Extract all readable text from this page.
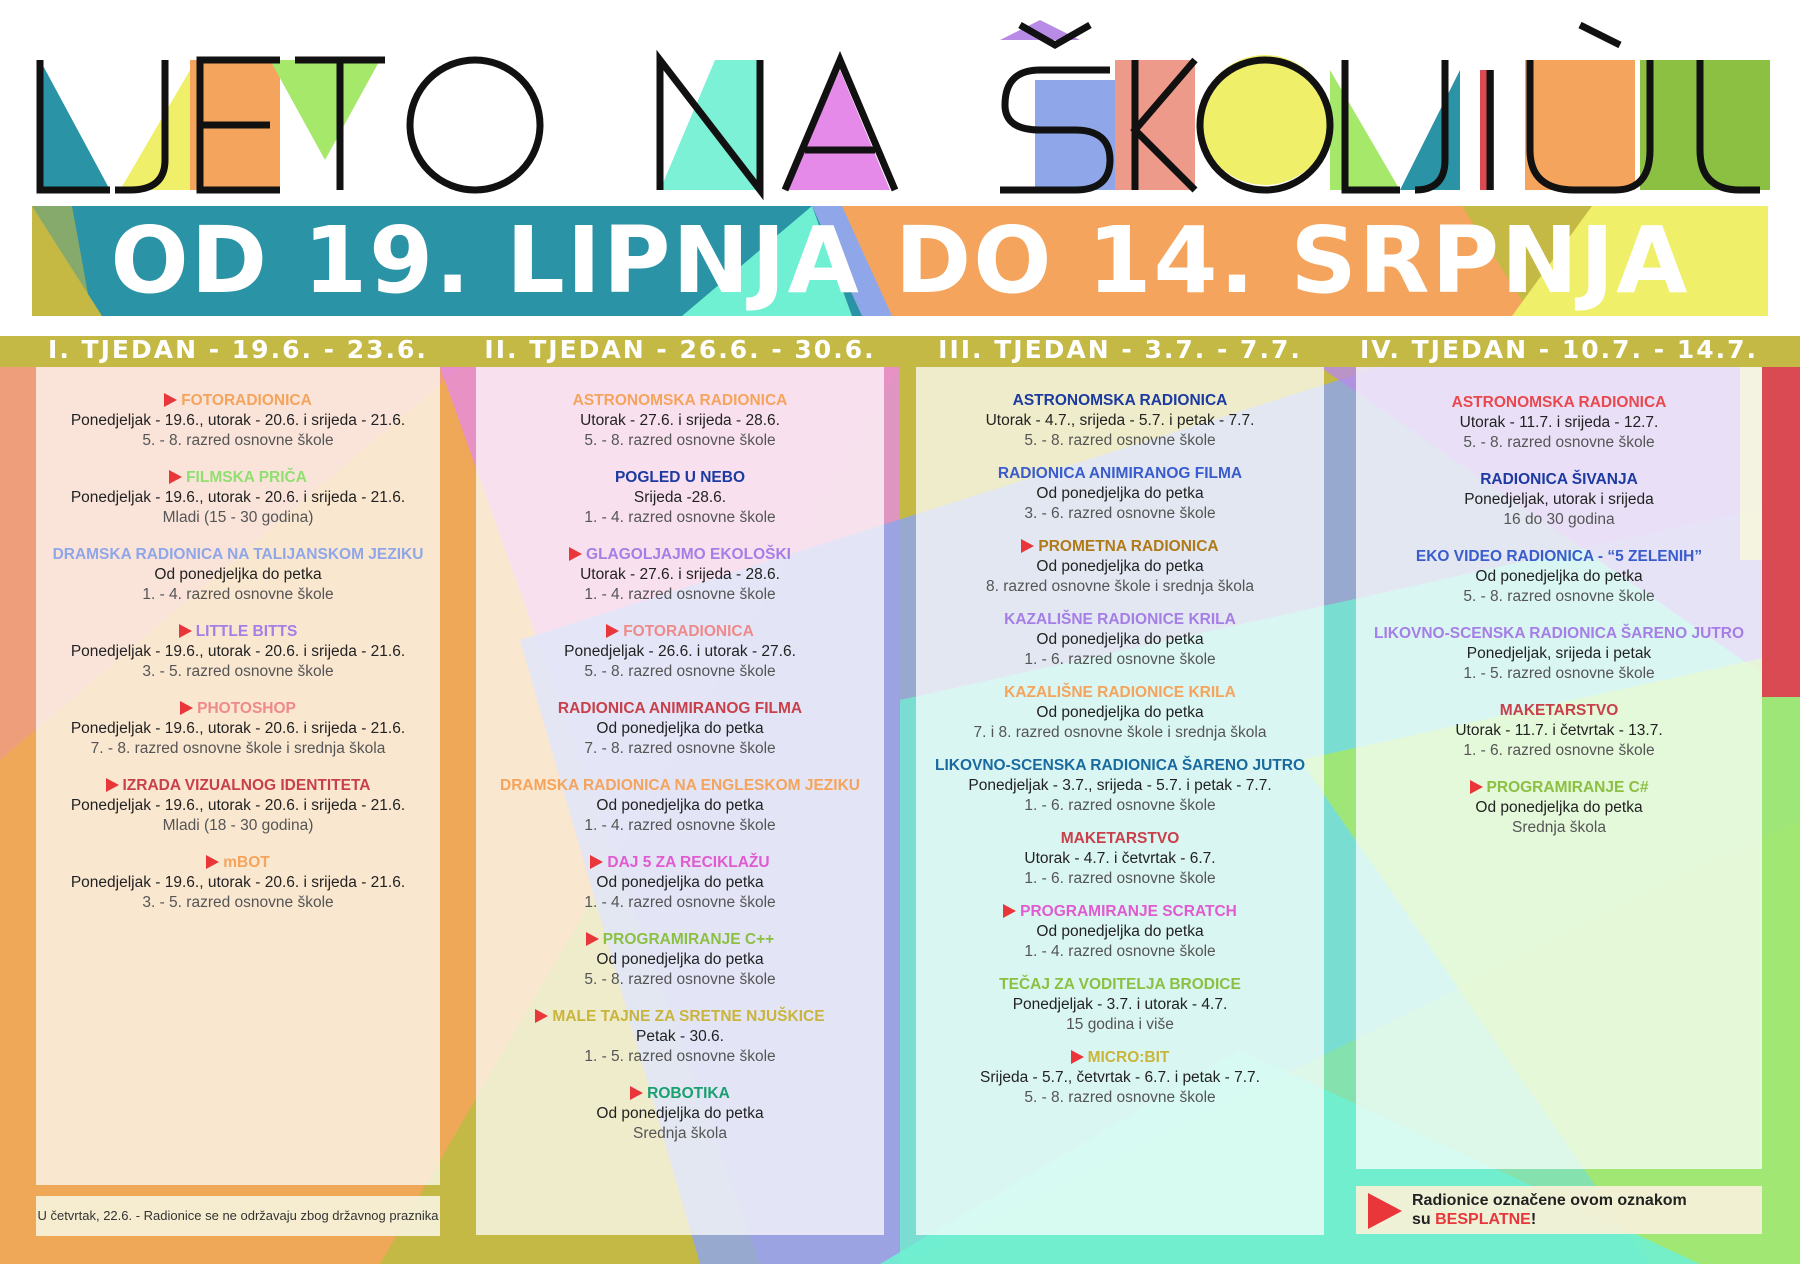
LJETO NA ŠKOLJIĆU
OD 19. LIPNJA DO 14. SRPNJA
I. TJEDAN - 19.6. - 23.6.	II. TJEDAN - 26.6. - 30.6.	III. TJEDAN - 3.7. - 7.7.	IV. TJEDAN - 10.7. - 14.7.
FOTORADIONICA
Ponedjeljak - 19.6., utorak - 20.6. i srijeda - 21.6.
5. - 8. razred osnovne škole
FILMSKA PRIČA
Ponedjeljak - 19.6., utorak - 20.6. i srijeda - 21.6.
Mladi (15 - 30 godina)
DRAMSKA RADIONICA NA TALIJANSKOM JEZIKU
Od ponedjeljka do petka
1. - 4. razred osnovne škole
LITTLE BITTS
Ponedjeljak - 19.6., utorak - 20.6. i srijeda - 21.6.
3. - 5. razred osnovne škole
PHOTOSHOP
Ponedjeljak - 19.6., utorak - 20.6. i srijeda - 21.6.
7. - 8. razred osnovne škole i srednja škola
IZRADA VIZUALNOG IDENTITETA
Ponedjeljak - 19.6., utorak - 20.6. i srijeda - 21.6.
Mladi (18 - 30 godina)
mBOT
Ponedjeljak - 19.6., utorak - 20.6. i srijeda - 21.6.
3. - 5. razred osnovne škole
ASTRONOMSKA RADIONICA
Utorak - 27.6. i srijeda - 28.6.
5. - 8. razred osnovne škole
POGLED U NEBO
Srijeda -28.6.
1. - 4. razred osnovne škole
GLAGOLJAJMO EKOLOŠKI
Utorak - 27.6. i srijeda - 28.6.
1. - 4. razred osnovne škole
FOTORADIONICA
Ponedjeljak - 26.6. i utorak - 27.6.
5. - 8. razred osnovne škole
RADIONICA ANIMIRANOG FILMA
Od ponedjeljka do petka
7. - 8. razred osnovne škole
DRAMSKA RADIONICA NA ENGLESKOM JEZIKU
Od ponedjeljka do petka
1. - 4. razred osnovne škole
DAJ 5 ZA RECIKLAŽU
Od ponedjeljka do petka
1. - 4. razred osnovne škole
PROGRAMIRANJE C++
Od ponedjeljka do petka
5. - 8. razred osnovne škole
MALE TAJNE ZA SRETNE NJUŠKICE
Petak - 30.6.
1. - 5. razred osnovne škole
ROBOTIKA
Od ponedjeljka do petka
Srednja škola
ASTRONOMSKA RADIONICA
Utorak - 4.7., srijeda - 5.7. i petak - 7.7.
5. - 8. razred osnovne škole
RADIONICA ANIMIRANOG FILMA
Od ponedjeljka do petka
3. - 6. razred osnovne škole
PROMETNA RADIONICA
Od ponedjeljka do petka
8. razred osnovne škole i srednja škola
KAZALIŠNE RADIONICE KRILA
Od ponedjeljka do petka
1. - 6. razred osnovne škole
KAZALIŠNE RADIONICE KRILA
Od ponedjeljka do petka
7. i 8. razred osnovne škole i srednja škola
LIKOVNO-SCENSKA RADIONICA ŠARENO JUTRO
Ponedjeljak - 3.7., srijeda - 5.7. i petak - 7.7.
1. - 6. razred osnovne škole
MAKETARSTVO
Utorak - 4.7. i četvrtak - 6.7.
1. - 6. razred osnovne škole
PROGRAMIRANJE SCRATCH
Od ponedjeljka do petka
1. - 4. razred osnovne škole
TEČAJ ZA VODITELJA BRODICE
Ponedjeljak - 3.7. i utorak - 4.7.
15 godina i više
MICRO:BIT
Srijeda - 5.7., četvrtak - 6.7. i petak - 7.7.
5. - 8. razred osnovne škole
ASTRONOMSKA RADIONICA
Utorak - 11.7. i srijeda - 12.7.
5. - 8. razred osnovne škole
RADIONICA ŠIVANJA
Ponedjeljak, utorak i srijeda
16 do 30 godina
EKO VIDEO RADIONICA - “5 ZELENIH”
Od ponedjeljka do petka
5. - 8. razred osnovne škole
LIKOVNO-SCENSKA RADIONICA ŠARENO JUTRO
Ponedjeljak, srijeda i petak
1. - 5. razred osnovne škole
MAKETARSTVO
Utorak - 11.7. i četvrtak - 13.7.
1. - 6. razred osnovne škole
PROGRAMIRANJE C#
Od ponedjeljka do petka
Srednja škola
U četvrtak, 22.6. - Radionice se ne održavaju zbog državnog praznika
Radionice označene ovom oznakom
su BESPLATNE!
